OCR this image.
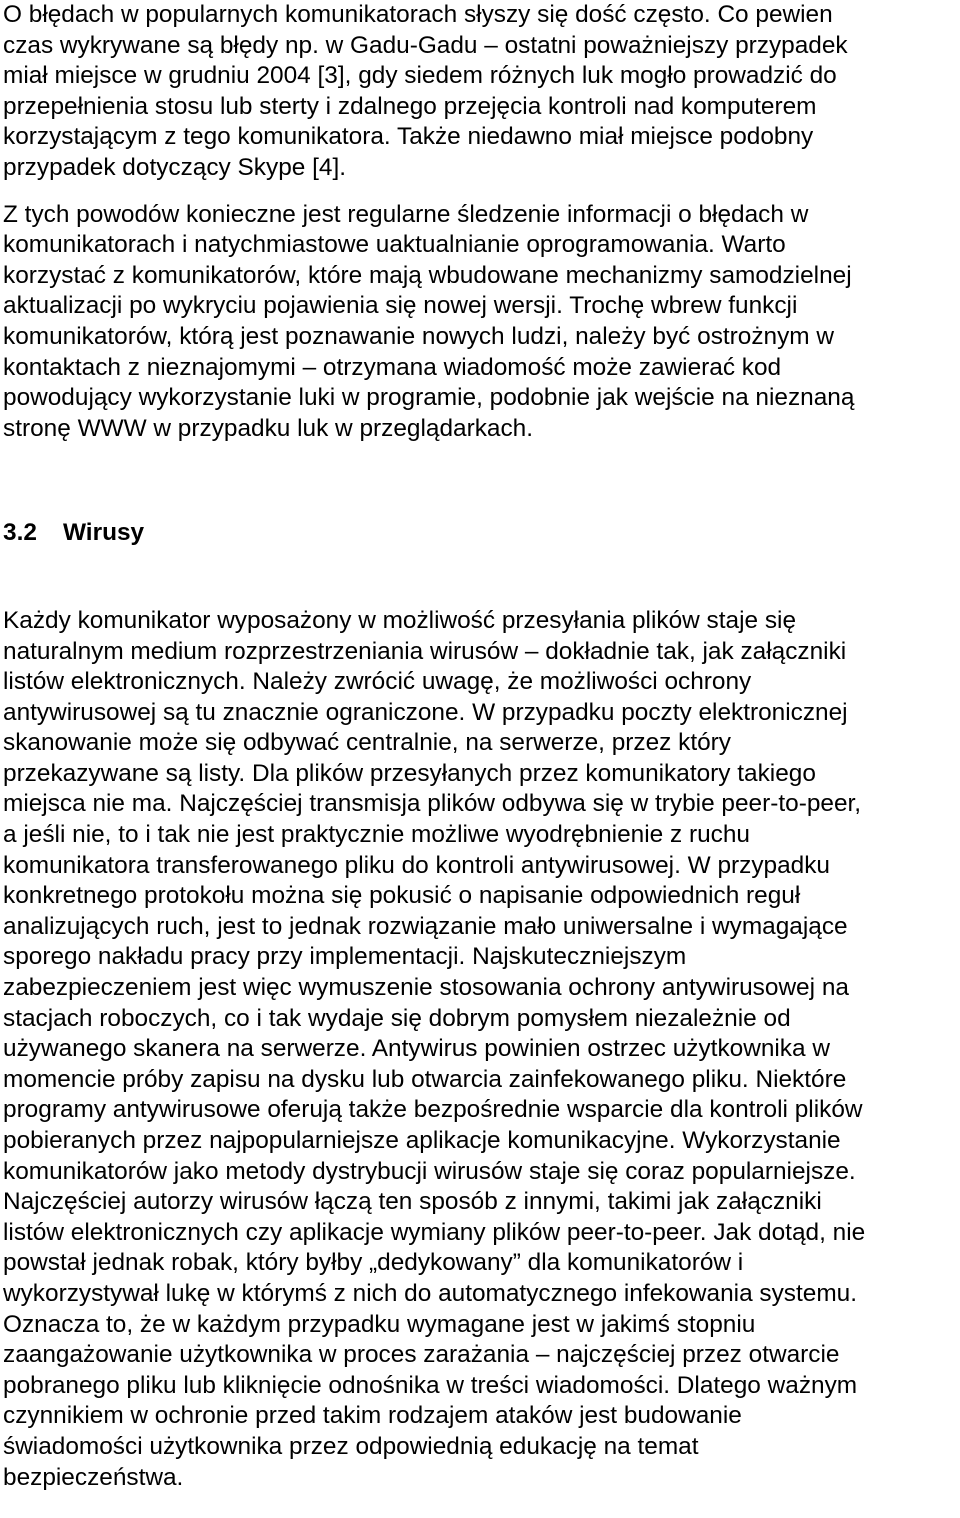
O błędach w popularnych komunikatorach słyszy się dość często. Co pewien
czas wykrywane są błędy np. w Gadu-Gadu – ostatni poważniejszy przypadek
miał miejsce w grudniu 2004 [3], gdy siedem różnych luk mogło prowadzić do
przepełnienia stosu lub sterty i zdalnego przejęcia kontroli nad komputerem
korzystającym z tego komunikatora. Także niedawno miał miejsce podobny
przypadek dotyczący Skype [4].

Z tych powodów konieczne jest regularne śledzenie informacji o błędach w
komunikatorach i natychmiastowe uaktualnianie oprogramowania. Warto
korzystać z komunikatorów, które mają wbudowane mechanizmy samodzielnej
aktualizacji po wykryciu pojawienia się nowej wersji. Trochę wbrew funkcji
komunikatorów, którą jest poznawanie nowych ludzi, należy być ostrożnym w
kontaktach z nieznajomymi – otrzymana wiadomość może zawierać kod
powodujący wykorzystanie luki w programie, podobnie jak wejście na nieznaną
stronę WWW w przypadku luk w przeglądarkach.

3.2 Wirusy

Każdy komunikator wyposażony w możliwość przesyłania plików staje się
naturalnym medium rozprzestrzeniania wirusów – dokładnie tak, jak załączniki
listów elektronicznych. Należy zwrócić uwagę, że możliwości ochrony
antywirusowej są tu znacznie ograniczone. W przypadku poczty elektronicznej
skanowanie może się odbywać centralnie, na serwerze, przez który
przekazywane są listy. Dla plików przesyłanych przez komunikatory takiego
miejsca nie ma. Najczęściej transmisja plików odbywa się w trybie peer-to-peer,
a jeśli nie, to i tak nie jest praktycznie możliwe wyodrębnienie z ruchu
komunikatora transferowanego pliku do kontroli antywirusowej. W przypadku
konkretnego protokołu można się pokusić o napisanie odpowiednich reguł
analizujących ruch, jest to jednak rozwiązanie mało uniwersalne i wymagające
sporego nakładu pracy przy implementacji. Najskuteczniejszym
zabezpieczeniem jest więc wymuszenie stosowania ochrony antywirusowej na
stacjach roboczych, co i tak wydaje się dobrym pomysłem niezależnie od
używanego skanera na serwerze. Antywirus powinien ostrzec użytkownika w
momencie próby zapisu na dysku lub otwarcia zainfekowanego pliku. Niektóre
programy antywirusowe oferują także bezpośrednie wsparcie dla kontroli plików
pobieranych przez najpopularniejsze aplikacje komunikacyjne. Wykorzystanie
komunikatorów jako metody dystrybucji wirusów staje się coraz popularniejsze.
Najczęściej autorzy wirusów łączą ten sposób z innymi, takimi jak załączniki
listów elektronicznych czy aplikacje wymiany plików peer-to-peer. Jak dotąd, nie
powstał jednak robak, który byłby „dedykowany” dla komunikatorów i
wykorzystywał lukę w którymś z nich do automatycznego infekowania systemu.
Oznacza to, że w każdym przypadku wymagane jest w jakimś stopniu
zaangażowanie użytkownika w proces zarażania – najczęściej przez otwarcie
pobranego pliku lub kliknięcie odnośnika w treści wiadomości. Dlatego ważnym
czynnikiem w ochronie przed takim rodzajem ataków jest budowanie
świadomości użytkownika przez odpowiednią edukację na temat
bezpieczeństwa.
